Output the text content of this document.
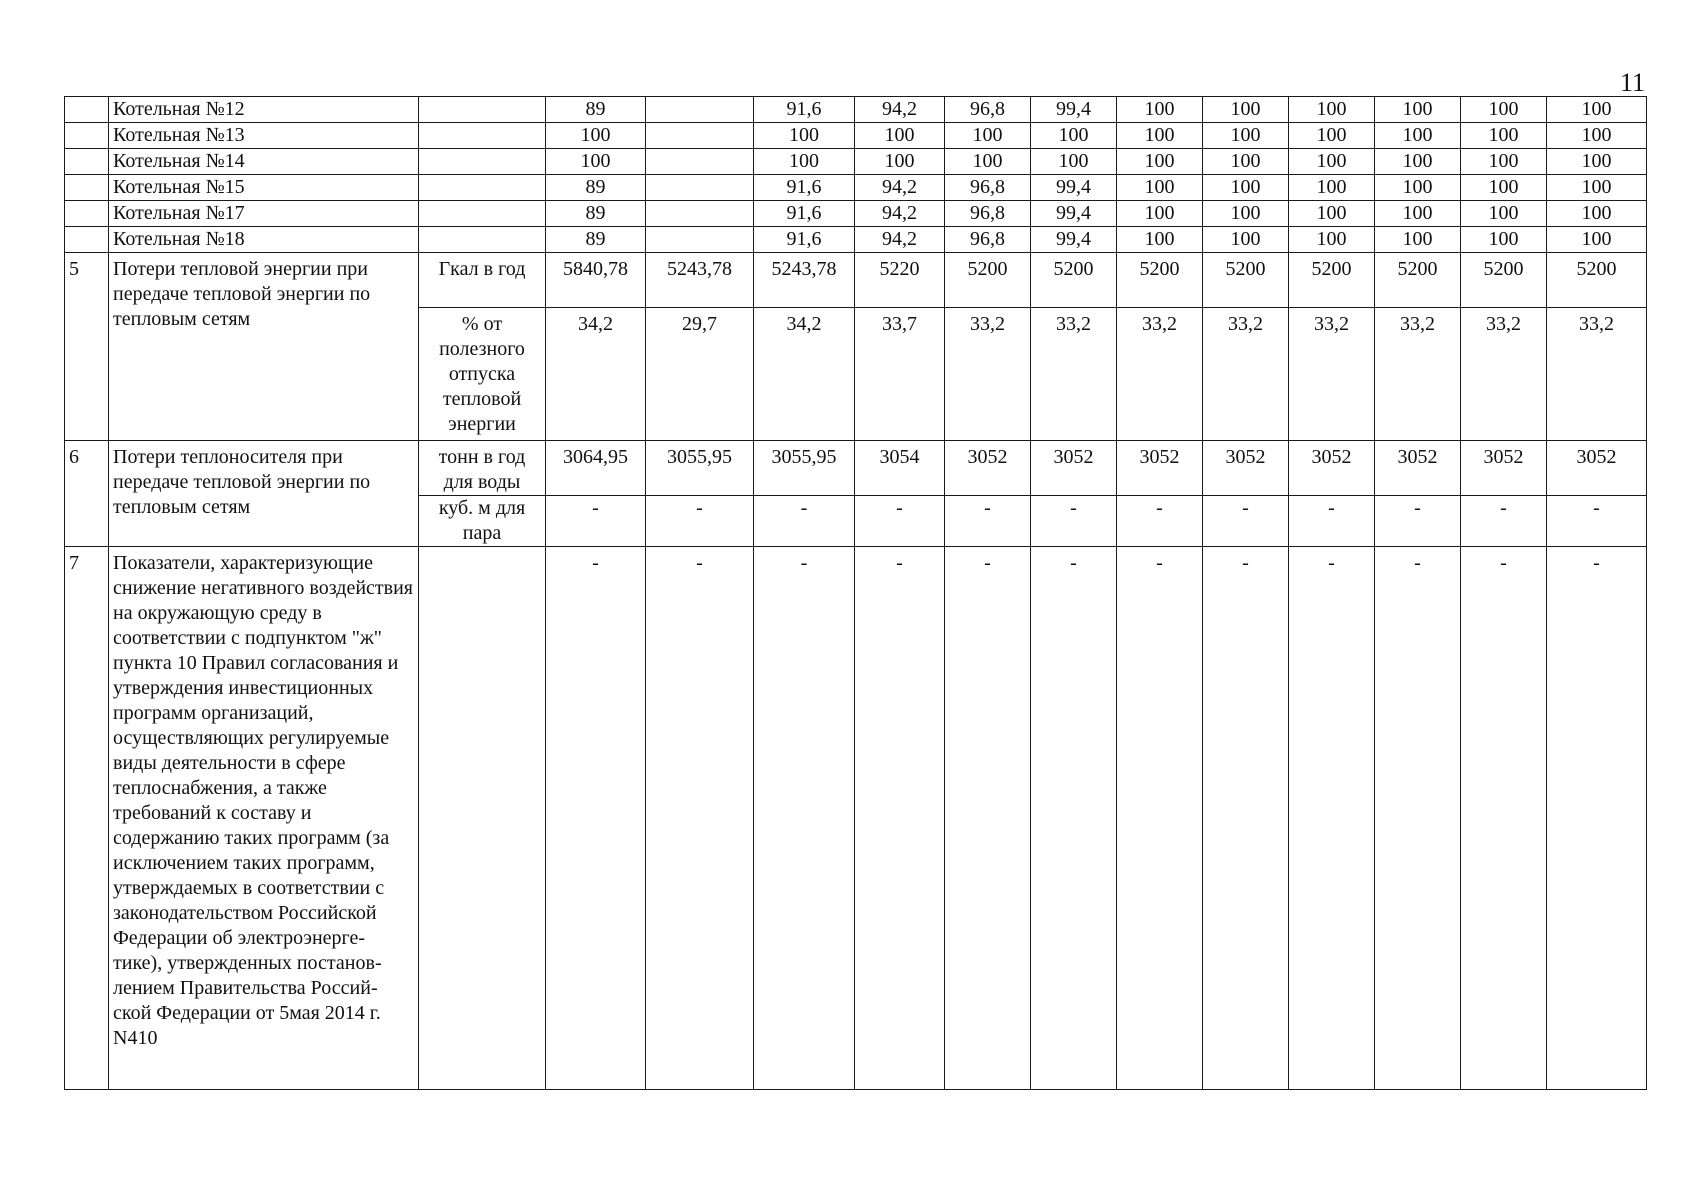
11
	Котельная №12		89		91,6	94,2	96,8	99,4	100	100	100	100	100	100
	Котельная №13		100		100	100	100	100	100	100	100	100	100	100
	Котельная №14		100		100	100	100	100	100	100	100	100	100	100
	Котельная №15		89		91,6	94,2	96,8	99,4	100	100	100	100	100	100
	Котельная №17		89		91,6	94,2	96,8	99,4	100	100	100	100	100	100
	Котельная №18		89		91,6	94,2	96,8	99,4	100	100	100	100	100	100
5	Потери тепловой энергии при передаче тепловой энергии по тепловым сетям	Гкал в год	5840,78	5243,78	5243,78	5220	5200	5200	5200	5200	5200	5200	5200	5200
		% от полезного отпуска тепловой энергии	34,2	29,7	34,2	33,7	33,2	33,2	33,2	33,2	33,2	33,2	33,2	33,2
6	Потери теплоносителя при передаче тепловой энергии по тепловым сетям	тонн в год для воды	3064,95	3055,95	3055,95	3054	3052	3052	3052	3052	3052	3052	3052	3052
		куб. м для пара	-	-	-	-	-	-	-	-	-	-	-	-
7	Показатели, характеризующие снижение негативного воздействия на окружающую среду в соответствии с подпунктом "ж" пункта 10 Правил согласования и утверждения инвестиционных программ организаций, осуществляющих регулируемые виды деятельности в сфере теплоснабжения, а также требований к составу и содержанию таких программ (за исключением таких программ, утверждаемых в соответствии с законодательством Российской Федерации об электроэнерге-тике), утвержденных постанов-лением Правительства Россий-ской Федерации от 5мая 2014 г. N410		-	-	-	-	-	-	-	-	-	-	-	-
